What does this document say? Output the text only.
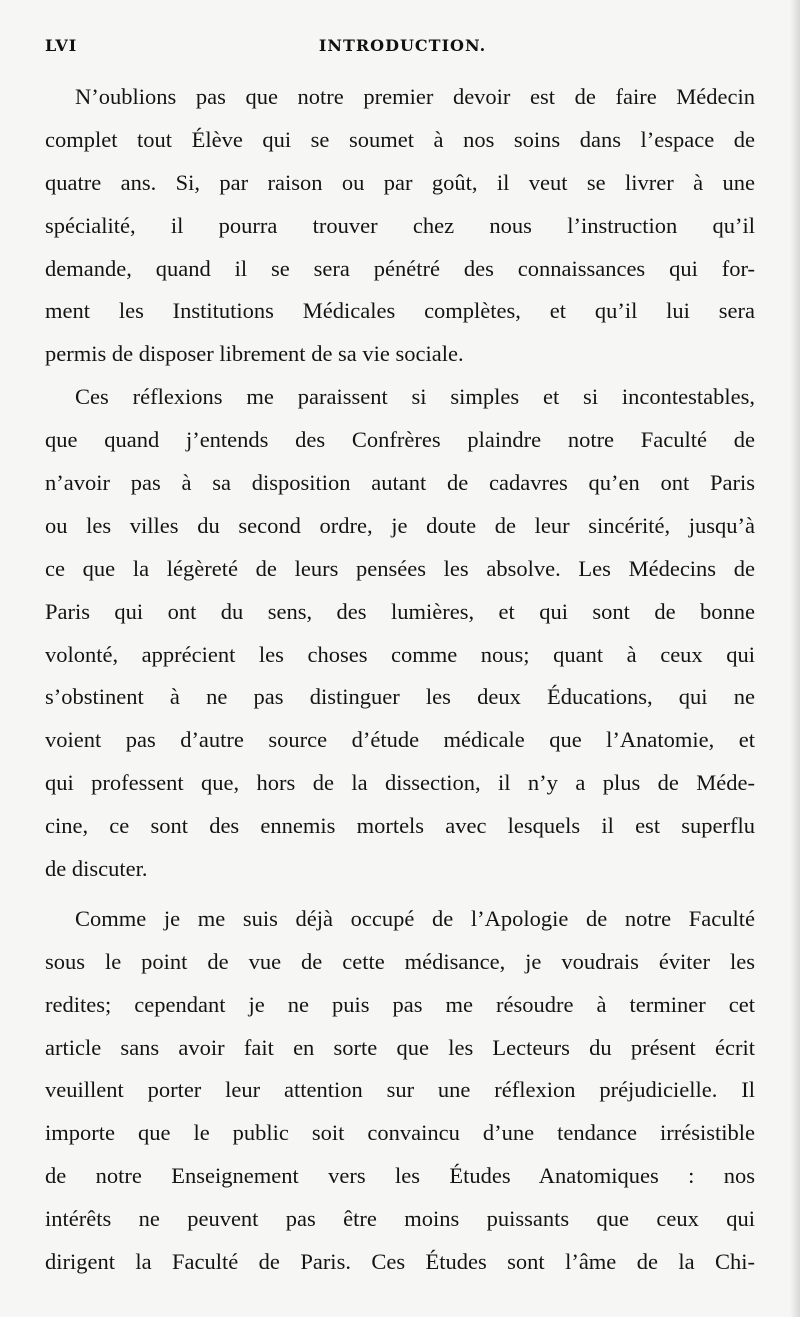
LVI	INTRODUCTION.
N’oublions pas que notre premier devoir est de faire Médecin
complet tout Élève qui se soumet à nos soins dans l’espace de
quatre ans. Si, par raison ou par goût, il veut se livrer à une
spécialité, il pourra trouver chez nous l’instruction qu’il
demande, quand il se sera pénétré des connaissances qui for-
ment les Institutions Médicales complètes, et qu’il lui sera
permis de disposer librement de sa vie sociale.
Ces réflexions me paraissent si simples et si incontestables,
que quand j’entends des Confrères plaindre notre Faculté de
n’avoir pas à sa disposition autant de cadavres qu’en ont Paris
ou les villes du second ordre, je doute de leur sincérité, jusqu’à
ce que la légèreté de leurs pensées les absolve. Les Médecins de
Paris qui ont du sens, des lumières, et qui sont de bonne
volonté, apprécient les choses comme nous; quant à ceux qui
s’obstinent à ne pas distinguer les deux Éducations, qui ne
voient pas d’autre source d’étude médicale que l’Anatomie, et
qui professent que, hors de la dissection, il n’y a plus de Méde-
cine, ce sont des ennemis mortels avec lesquels il est superflu
de discuter.
Comme je me suis déjà occupé de l’Apologie de notre Faculté
sous le point de vue de cette médisance, je voudrais éviter les
redites; cependant je ne puis pas me résoudre à terminer cet
article sans avoir fait en sorte que les Lecteurs du présent écrit
veuillent porter leur attention sur une réflexion préjudicielle. Il
importe que le public soit convaincu d’une tendance irrésistible
de notre Enseignement vers les Études Anatomiques : nos
intérêts ne peuvent pas être moins puissants que ceux qui
dirigent la Faculté de Paris. Ces Études sont l’âme de la Chi-
